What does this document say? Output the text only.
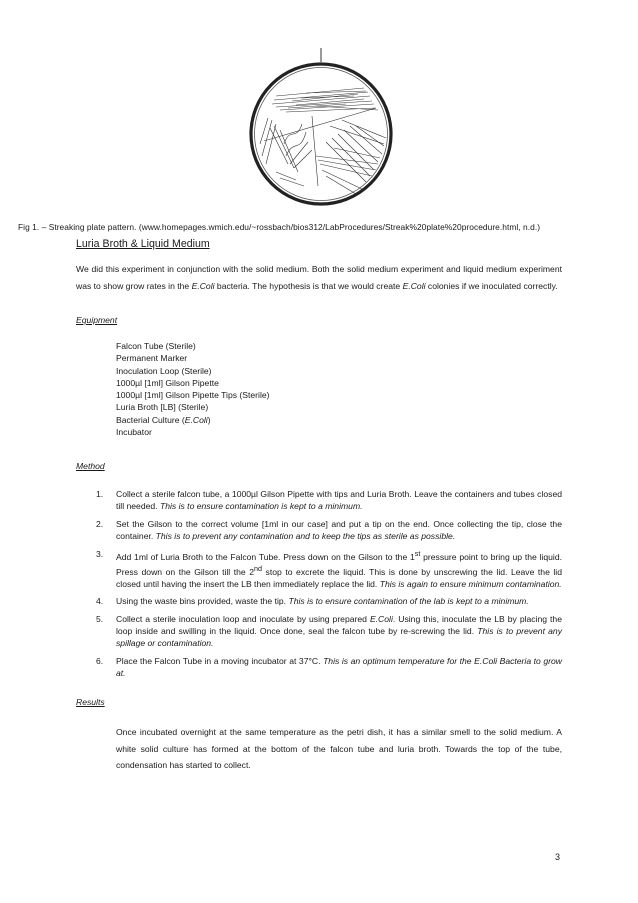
Fig 1. – Streaking plate pattern. (www.homepages.wmich.edu/~rossbach/bios312/LabProcedures/Streak%20plate%20procedure.html, n.d.)
Luria Broth & Liquid Medium

We did this experiment in conjunction with the solid medium. Both the solid medium experiment and liquid medium experiment was to show grow rates in the E.Coli bacteria. The hypothesis is that we would create E.Coli colonies if we inoculated correctly.

Equipment
Falcon Tube (Sterile)
Permanent Marker
Inoculation Loop (Sterile)
1000µl [1ml] Gilson Pipette
1000µl [1ml] Gilson Pipette Tips (Sterile)
Luria Broth [LB] (Sterile)
Bacterial Culture (E.Coli)
Incubator
Method
1.	Collect a sterile falcon tube, a 1000µl Gilson Pipette with tips and Luria Broth. Leave the containers and tubes closed till needed. This is to ensure contamination is kept to a minimum.
2.	Set the Gilson to the correct volume [1ml in our case] and put a tip on the end. Once collecting the tip, close the container. This is to prevent any contamination and to keep the tips as sterile as possible.
3.	Add 1ml of Luria Broth to the Falcon Tube. Press down on the Gilson to the 1st pressure point to bring up the liquid. Press down on the Gilson till the 2nd stop to excrete the liquid. This is done by unscrewing the lid. Leave the lid closed until having the insert the LB then immediately replace the lid. This is again to ensure minimum contamination.
4.	Using the waste bins provided, waste the tip. This is to ensure contamination of the lab is kept to a minimum.
5.	Collect a sterile inoculation loop and inoculate by using prepared E.Coli. Using this, inoculate the LB by placing the loop inside and swilling in the liquid. Once done, seal the falcon tube by re-screwing the lid. This is to prevent any spillage or contamination.
6.	Place the Falcon Tube in a moving incubator at 37°C. This is an optimum temperature for the E.Coli Bacteria to grow at.
Results

Once incubated overnight at the same temperature as the petri dish, it has a similar smell to the solid medium. A white solid culture has formed at the bottom of the falcon tube and luria broth. Towards the top of the tube, condensation has started to collect.

3
